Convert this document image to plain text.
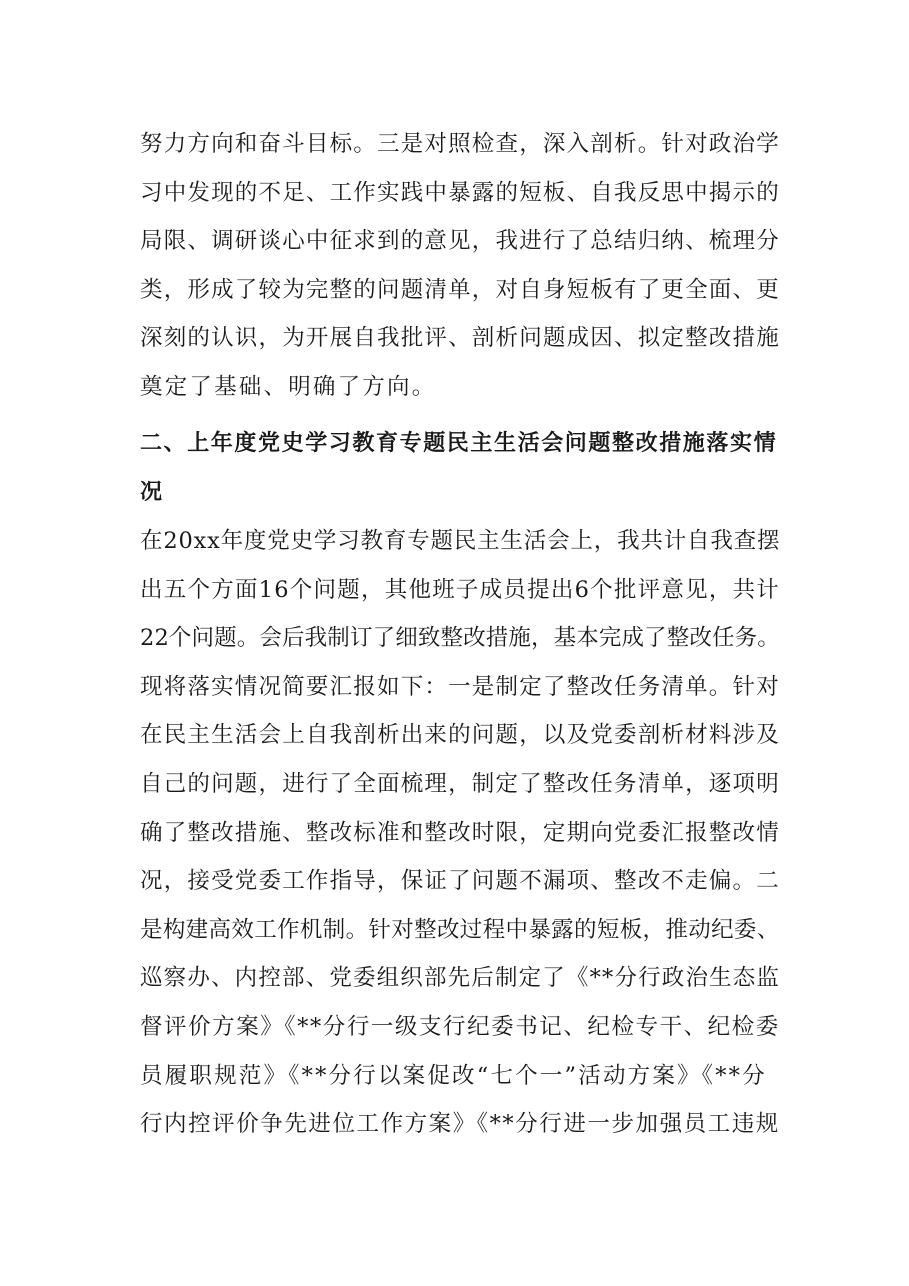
努力方向和奋斗目标。三是对照检查，深入剖析。针对政治学
习中发现的不足、工作实践中暴露的短板、自我反思中揭示的
局限、调研谈心中征求到的意见，我进行了总结归纳、梳理分
类，形成了较为完整的问题清单，对自身短板有了更全面、更
深刻的认识，为开展自我批评、剖析问题成因、拟定整改措施
奠定了基础、明确了方向。
二、上年度党史学习教育专题民主生活会问题整改措施落实情
况
在20xx年度党史学习教育专题民主生活会上，我共计自我查摆
出五个方面16个问题，其他班子成员提出6个批评意见，共计
22个问题。会后我制订了细致整改措施，基本完成了整改任务。
现将落实情况简要汇报如下：一是制定了整改任务清单。针对
在民主生活会上自我剖析出来的问题，以及党委剖析材料涉及
自己的问题，进行了全面梳理，制定了整改任务清单，逐项明
确了整改措施、整改标准和整改时限，定期向党委汇报整改情
况，接受党委工作指导，保证了问题不漏项、整改不走偏。二
是构建高效工作机制。针对整改过程中暴露的短板，推动纪委、
巡察办、内控部、党委组织部先后制定了《**分行政治生态监
督评价方案》《**分行一级支行纪委书记、纪检专干、纪检委
员履职规范》《**分行以案促改“七个一”活动方案》《**分
行内控评价争先进位工作方案》《**分行进一步加强员工违规
